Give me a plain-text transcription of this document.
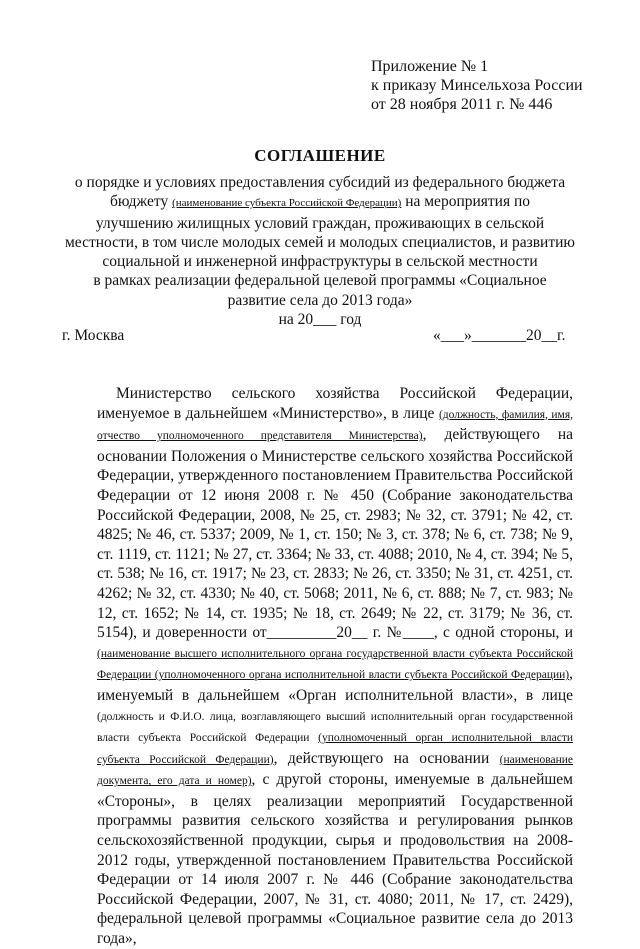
Приложение № 1
к приказу Минсельхоза России
от 28 ноября 2011 г. № 446
СОГЛАШЕНИЕ
о порядке и условиях предоставления субсидий из федерального бюджета
бюджету (наименование субъекта Российской Федерации) на мероприятия по
улучшению жилищных условий граждан, проживающих в сельской
местности, в том числе молодых семей и молодых специалистов, и развитию
социальной и инженерной инфраструктуры в сельской местности
в рамках реализации федеральной целевой программы «Социальное
развитие села до 2013 года»
на 20___ год
г. Москва	«___»_______20__г.
Министерство сельского хозяйства Российской Федерации, именуемое в дальнейшем «Министерство», в лице (должность, фамилия, имя, отчество уполномоченного представителя Министерства), действующего на основании Положения о Министерстве сельского хозяйства Российской Федерации, утвержденного постановлением Правительства Российской Федерации от 12 июня 2008 г. № 450 (Собрание законодательства Российской Федерации, 2008, № 25, ст. 2983; № 32, ст. 3791; № 42, ст. 4825; № 46, ст. 5337; 2009, № 1, ст. 150; № 3, ст. 378; № 6, ст. 738; № 9, ст. 1119, ст. 1121; № 27, ст. 3364; № 33, ст. 4088; 2010, № 4, ст. 394; № 5, ст. 538; № 16, ст. 1917; № 23, ст. 2833; № 26, ст. 3350; № 31, ст. 4251, ст. 4262; № 32, ст. 4330; № 40, ст. 5068; 2011, № 6, ст. 888; № 7, ст. 983; № 12, ст. 1652; № 14, ст. 1935; № 18, ст. 2649; № 22, ст. 3179; № 36, ст. 5154), и доверенности от_________20__ г. №____, с одной стороны, и (наименование высшего исполнительного органа государственной власти субъекта Российской Федерации (уполномоченного органа исполнительной власти субъекта Российской Федерации), именуемый в дальнейшем «Орган исполнительной власти», в лице (должность и Ф.И.О. лица, возглавляющего высший исполнительный орган государственной власти субъекта Российской Федерации (уполномоченный орган исполнительной власти субъекта Российской Федерации), действующего на основании (наименование документа, его дата и номер), с другой стороны, именуемые в дальнейшем «Стороны», в целях реализации мероприятий Государственной программы развития сельского хозяйства и регулирования рынков сельскохозяйственной продукции, сырья и продовольствия на 2008-2012 годы, утвержденной постановлением Правительства Российской Федерации от 14 июля 2007 г. № 446 (Собрание законодательства Российской Федерации, 2007, № 31, ст. 4080; 2011, № 17, ст. 2429), федеральной целевой программы «Социальное развитие села до 2013 года»,
